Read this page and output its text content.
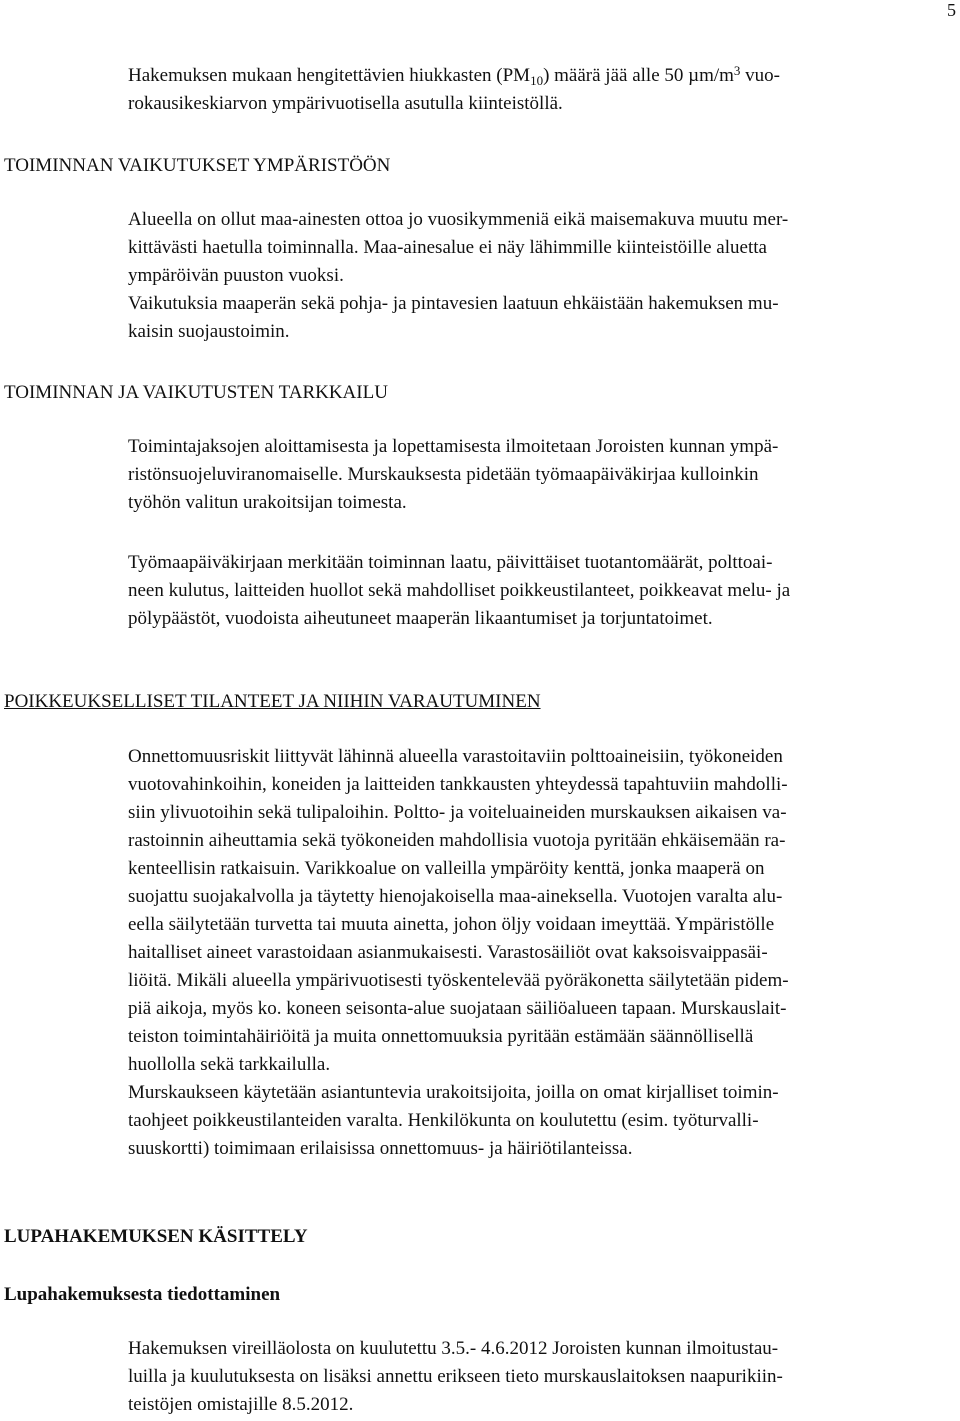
5
Hakemuksen mukaan hengitettävien hiukkasten $(PM_{10})$ määrä jää alle 50 $\mu m/m^3$ vuo-
rokausikeskiarvon ympärivuotisella asutulla kiinteistöllä.
TOIMINNAN VAIKUTUKSET YMPÄRISTÖÖN
Alueella on ollut maa-ainesten ottoa jo vuosikymmeniä eikä maisemakuva muutu mer-
kittävästi haetulla toiminnalla. Maa-ainesalue ei näy lähimmille kiinteistöille aluetta
ympäröivän puuston vuoksi.
Vaikutuksia maaperän sekä pohja- ja pintavesien laatuun ehkäistään hakemuksen mu-
kaisin suojaustoimin.
TOIMINNAN JA VAIKUTUSTEN TARKKAILU
Toimintajaksojen aloittamisesta ja lopettamisesta ilmoitetaan Joroisten kunnan ympä-
ristönsuojeluviranomaiselle. Murskauksesta pidetään työmaapäiväkirjaa kulloinkin
työhön valitun urakoitsijan toimesta.
Työmaapäiväkirjaan merkitään toiminnan laatu, päivittäiset tuotantomäärät, polttoai-
neen kulutus, laitteiden huollot sekä mahdolliset poikkeustilanteet, poikkeavat melu- ja
pölypäästöt, vuodoista aiheutuneet maaperän likaantumiset ja torjuntatoimet.
POIKKEUKSELLISET TILANTEET JA NIIHIN VARAUTUMINEN
Onnettomuusriskit liittyvät lähinnä alueella varastoitaviin polttoaineisiin, työkoneiden
vuotovahinkoihin, koneiden ja laitteiden tankkausten yhteydessä tapahtuviin mahdolli-
siin ylivuotoihin sekä tulipaloihin. Poltto- ja voiteluaineiden murskauksen aikaisen va-
rastoinnin aiheuttamia sekä työkoneiden mahdollisia vuotoja pyritään ehkäisemään ra-
kenteellisin ratkaisuin. Varikkoalue on valleilla ympäröity kenttä, jonka maaperä on
suojattu suojakalvolla ja täytetty hienojakoisella maa-aineksella. Vuotojen varalta alu-
eella säilytetään turvetta tai muuta ainetta, johon öljy voidaan imeyttää. Ympäristölle
haitalliset aineet varastoidaan asianmukaisesti. Varastosäiliöt ovat kaksoisvaippasäi-
liöitä. Mikäli alueella ympärivuotisesti työskentelevää pyöräkonetta säilytetään pidem-
piä aikoja, myös ko. koneen seisonta-alue suojataan säiliöalueen tapaan. Murskauslait-
teiston toimintahäiriöitä ja muita onnettomuuksia pyritään estämään säännöllisellä
huollolla sekä tarkkailulla.
Murskaukseen käytetään asiantuntevia urakoitsijoita, joilla on omat kirjalliset toimin-
taohjeet poikkeustilanteiden varalta. Henkilökunta on koulutettu (esim. työturvalli-
suuskortti) toimimaan erilaisissa onnettomuus- ja häiriötilanteissa.
LUPAHAKEMUKSEN KÄSITTELY
Lupahakemuksesta tiedottaminen
Hakemuksen vireilläolosta on kuulutettu 3.5.- 4.6.2012 Joroisten kunnan ilmoitustau-
luilla ja kuulutuksesta on lisäksi annettu erikseen tieto murskauslaitoksen naapurikiin-
teistöjen omistajille 8.5.2012.
